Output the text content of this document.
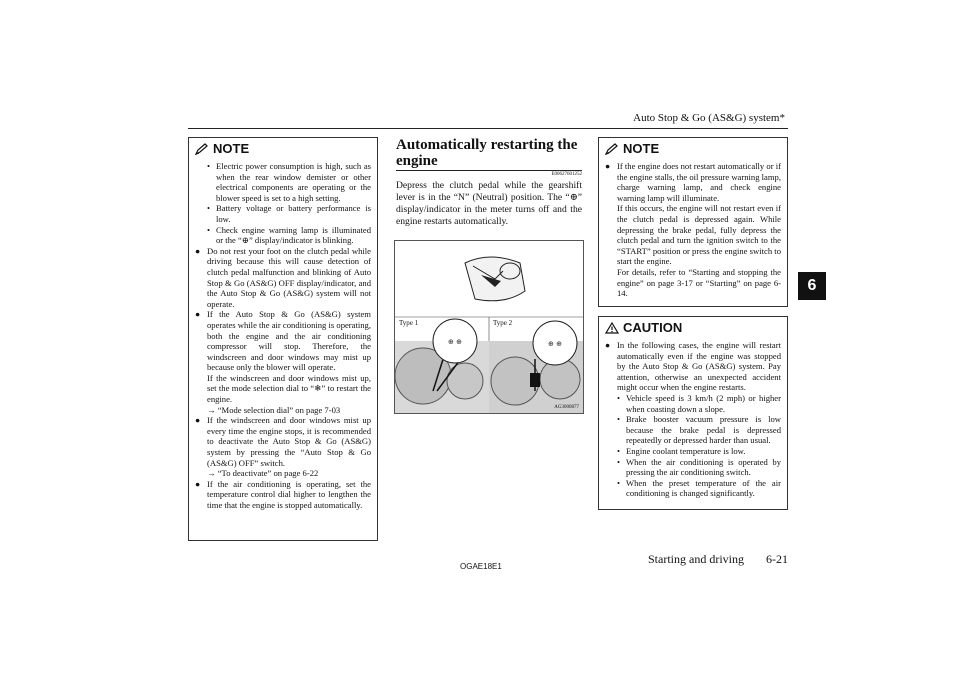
Auto Stop & Go (AS&G) system*
6
NOTE
• Electric power consumption is high, such as when the rear window demister or other electrical components are operating or the blower speed is set to a high setting.
• Battery voltage or battery performance is low.
• Check engine warning lamp is illuminated or the “⊕” display/indicator is blinking.
● Do not rest your foot on the clutch pedal while driving because this will cause detection of clutch pedal malfunction and blinking of Auto Stop & Go (AS&G) OFF display/indicator, and the Auto Stop & Go (AS&G) system will not operate.
● If the Auto Stop & Go (AS&G) system operates while the air conditioning is operating, both the engine and the air conditioning compressor will stop. Therefore, the windscreen and door windows may mist up because only the blower will operate.
If the windscreen and door windows mist up, set the mode selection dial to “❄” to restart the engine.
→ “Mode selection dial” on page 7-03
● If the windscreen and door windows mist up every time the engine stops, it is recommended to deactivate the Auto Stop & Go (AS&G) system by pressing the “Auto Stop & Go (AS&G) OFF” switch.
→ “To deactivate” on page 6-22
● If the air conditioning is operating, set the temperature control dial higher to lengthen the time that the engine is stopped automatically.
Automatically restarting the engine
E00627601252
Depress the clutch pedal while the gearshift lever is in the “N” (Neutral) position. The “⊕” display/indicator in the meter turns off and the engine restarts automatically.
⊕ ⊕	⊕ ⊕
Type 1	Type 2
AG3000877
NOTE
● If the engine does not restart automatically or if the engine stalls, the oil pressure warning lamp, charge warning lamp, and check engine warning lamp will illuminate.
If this occurs, the engine will not restart even if the clutch pedal is depressed again. While depressing the brake pedal, fully depress the clutch pedal and turn the ignition switch to the “START” position or press the engine switch to start the engine.
For details, refer to “Starting and stopping the engine” on page 3-17 or “Starting” on page 6-14.
CAUTION
● In the following cases, the engine will restart automatically even if the engine was stopped by the Auto Stop & Go (AS&G) system. Pay attention, otherwise an unexpected accident might occur when the engine restarts.
• Vehicle speed is 3 km/h (2 mph) or higher when coasting down a slope.
• Brake booster vacuum pressure is low because the brake pedal is depressed repeatedly or depressed harder than usual.
• Engine coolant temperature is low.
• When the air conditioning is operated by pressing the air conditioning switch.
• When the preset temperature of the air conditioning is changed significantly.
OGAE18E1
Starting and driving 6-21
